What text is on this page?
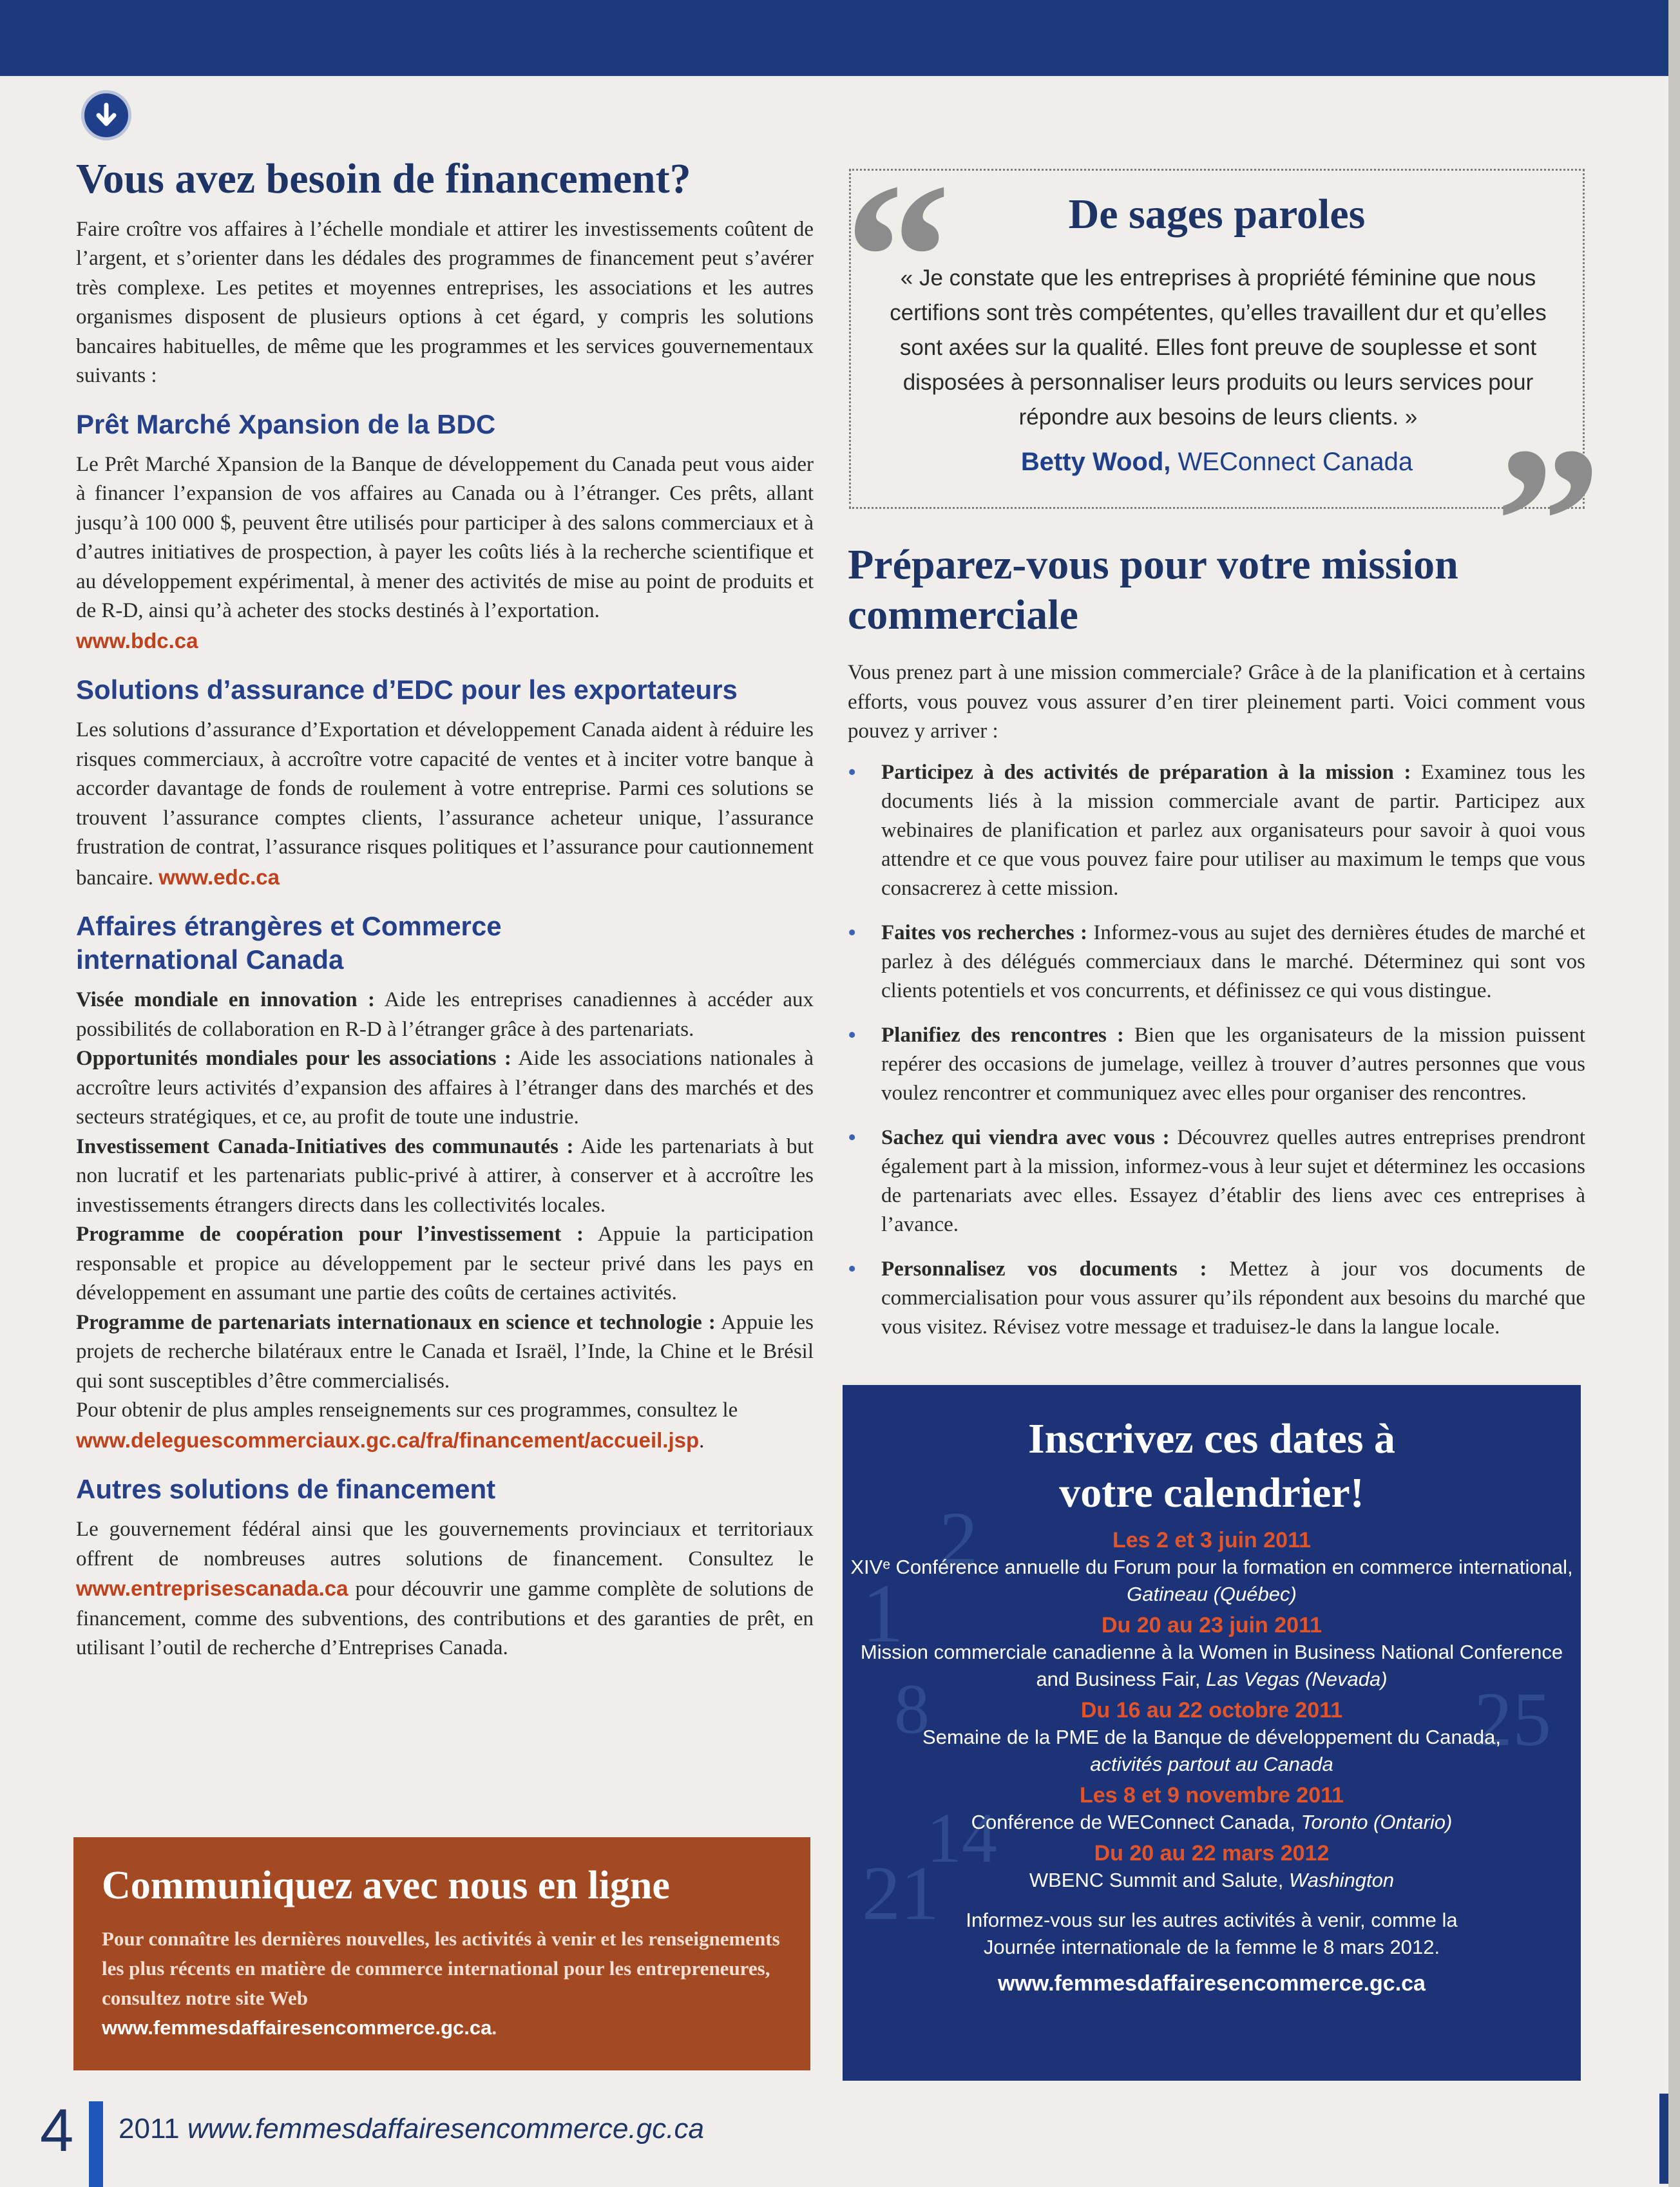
Vous avez besoin de financement?

Faire croître vos affaires à l’échelle mondiale et attirer les investissements coûtent de l’argent, et s’orienter dans les dédales des programmes de financement peut s’avérer très complexe. Les petites et moyennes entreprises, les associations et les autres organismes disposent de plusieurs options à cet égard, y compris les solutions bancaires habituelles, de même que les programmes et les services gouvernementaux suivants :

Prêt Marché Xpansion de la BDC

Le Prêt Marché Xpansion de la Banque de développement du Canada peut vous aider à financer l’expansion de vos affaires au Canada ou à l’étranger. Ces prêts, allant jusqu’à 100 000 $, peuvent être utilisés pour participer à des salons commerciaux et à d’autres initiatives de prospection, à payer les coûts liés à la recherche scientifique et au développement expérimental, à mener des activités de mise au point de produits et de R-D, ainsi qu’à acheter des stocks destinés à l’exportation.
www.bdc.ca

Solutions d’assurance d’EDC pour les exportateurs

Les solutions d’assurance d’Exportation et développement Canada aident à réduire les risques commerciaux, à accroître votre capacité de ventes et à inciter votre banque à accorder davantage de fonds de roulement à votre entreprise. Parmi ces solutions se trouvent l’assurance comptes clients, l’assurance acheteur unique, l’assurance frustration de contrat, l’assurance risques politiques et l’assurance pour cautionnement bancaire. www.edc.ca

Affaires étrangères et Commerce
international Canada

Visée mondiale en innovation : Aide les entreprises canadiennes à accéder aux possibilités de collaboration en R-D à l’étranger grâce à des partenariats.

Opportunités mondiales pour les associations : Aide les associations nationales à accroître leurs activités d’expansion des affaires à l’étranger dans des marchés et des secteurs stratégiques, et ce, au profit de toute une industrie.

Investissement Canada-Initiatives des communautés : Aide les partenariats à but non lucratif et les partenariats public-privé à attirer, à conserver et à accroître les investissements étrangers directs dans les collectivités locales.

Programme de coopération pour l’investissement : Appuie la participation responsable et propice au développement par le secteur privé dans les pays en développement en assumant une partie des coûts de certaines activités.

Programme de partenariats internationaux en science et technologie : Appuie les projets de recherche bilatéraux entre le Canada et Israël, l’Inde, la Chine et le Brésil qui sont susceptibles d’être commercialisés.

Pour obtenir de plus amples renseignements sur ces programmes, consultez le
www.deleguescommerciaux.gc.ca/fra/financement/accueil.jsp.

Autres solutions de financement

Le gouvernement fédéral ainsi que les gouvernements provinciaux et territoriaux offrent de nombreuses autres solutions de financement. Consultez le www.entreprisescanada.ca pour découvrir une gamme complète de solutions de financement, comme des subventions, des contributions et des garanties de prêt, en utilisant l’outil de recherche d’Entreprises Canada.

“
”
De sages paroles
« Je constate que les entreprises à propriété féminine que nous certifions sont très compétentes, qu’elles travaillent dur et qu’elles sont axées sur la qualité. Elles font preuve de souplesse et sont disposées à personnaliser leurs produits ou leurs services pour répondre aux besoins de leurs clients. »
Betty Wood, WEConnect Canada
Préparez-vous pour votre mission commerciale

Vous prenez part à une mission commerciale? Grâce à de la planification et à certains efforts, vous pouvez vous assurer d’en tirer pleinement parti. Voici comment vous pouvez y arriver :

• Participez à des activités de préparation à la mission : Examinez tous les documents liés à la mission commerciale avant de partir. Participez aux webinaires de planification et parlez aux organisateurs pour savoir à quoi vous attendre et ce que vous pouvez faire pour utiliser au maximum le temps que vous consacrerez à cette mission.
• Faites vos recherches : Informez-vous au sujet des dernières études de marché et parlez à des délégués commerciaux dans le marché. Déterminez qui sont vos clients potentiels et vos concurrents, et définissez ce qui vous distingue.
• Planifiez des rencontres : Bien que les organisateurs de la mission puissent repérer des occasions de jumelage, veillez à trouver d’autres personnes que vous voulez rencontrer et communiquez avec elles pour organiser des rencontres.
• Sachez qui viendra avec vous : Découvrez quelles autres entreprises prendront également part à la mission, informez-vous à leur sujet et déterminez les occasions de partenariats avec elles. Essayez d’établir des liens avec ces entreprises à l’avance.
• Personnalisez vos documents : Mettez à jour vos documents de commercialisation pour vous assurer qu’ils répondent aux besoins du marché que vous visitez. Révisez votre message et traduisez-le dans la langue locale.
1
2
8
21
14
25
Inscrivez ces dates à
votre calendrier!
Les 2 et 3 juin 2011
XIVᵉ Conférence annuelle du Forum pour la formation en commerce international, Gatineau (Québec)
Du 20 au 23 juin 2011
Mission commerciale canadienne à la Women in Business National Conference and Business Fair, Las Vegas (Nevada)
Du 16 au 22 octobre 2011
Semaine de la PME de la Banque de développement du Canada,
activités partout au Canada
Les 8 et 9 novembre 2011
Conférence de WEConnect Canada, Toronto (Ontario)
Du 20 au 22 mars 2012
WBENC Summit and Salute, Washington
Informez-vous sur les autres activités à venir, comme la Journée internationale de la femme le 8 mars 2012.
www.femmesdaffairesencommerce.gc.ca
Communiquez avec nous en ligne
Pour connaître les dernières nouvelles, les activités à venir et les renseignements les plus récents en matière de commerce international pour les entrepreneures, consultez notre site Web
www.femmesdaffairesencommerce.gc.ca.
4 2011 www.femmesdaffairesencommerce.gc.ca
